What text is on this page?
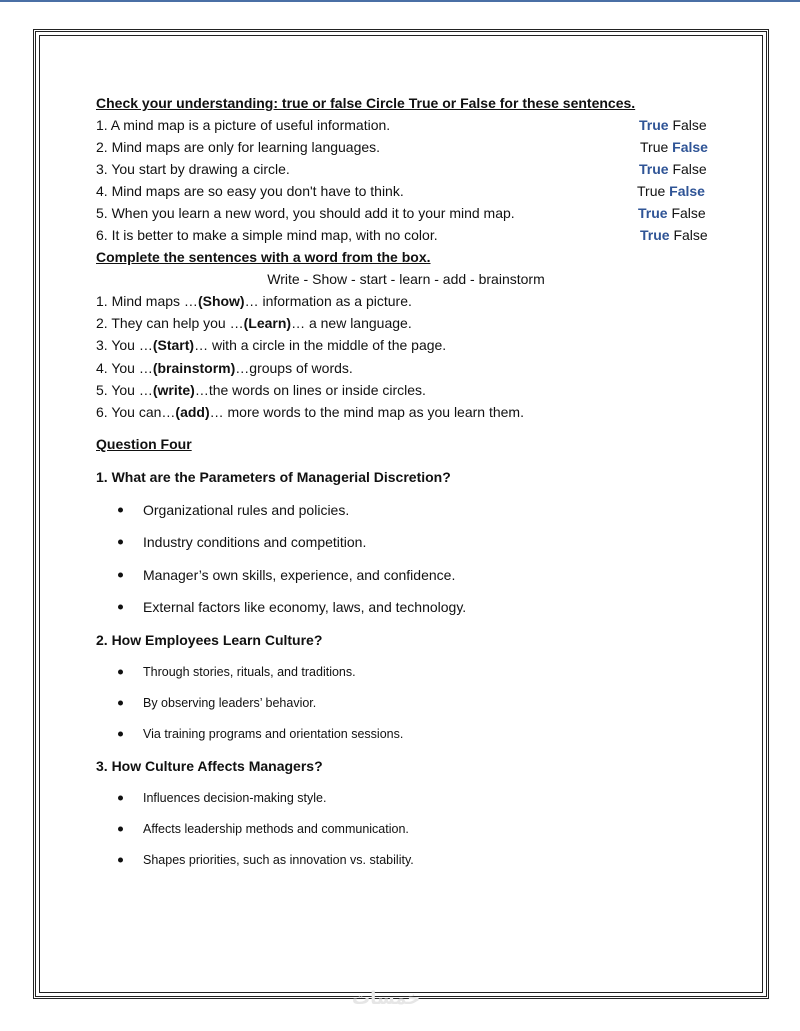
Check your understanding: true or false Circle True or False for these sentences.
1. A mind map is a picture of useful information.	True False
2. Mind maps are only for learning languages.	True False
3. You start by drawing a circle.	True False
4. Mind maps are so easy you don't have to think.	True False
5. When you learn a new word, you should add it to your mind map.	True False
6. It is better to make a simple mind map, with no color.	True False
Complete the sentences with a word from the box.
Write - Show - start - learn - add - brainstorm
1. Mind maps …(Show)… information as a picture.
2. They can help you …(Learn)… a new language.
3. You …(Start)… with a circle in the middle of the page.
4. You …(brainstorm)…groups of words.
5. You …(write)…the words on lines or inside circles.
6. You can…(add)… more words to the mind map as you learn them.
Question Four
1. What are the Parameters of Managerial Discretion?
Organizational rules and policies.
Industry conditions and competition.
Manager’s own skills, experience, and confidence.
External factors like economy, laws, and technology.
2. How Employees Learn Culture?
Through stories, rituals, and traditions.
By observing leaders’ behavior.
Via training programs and orientation sessions.
3. How Culture Affects Managers?
Influences decision-making style.
Affects leadership methods and communication.
Shapes priorities, such as innovation vs. stability.
خمسات
